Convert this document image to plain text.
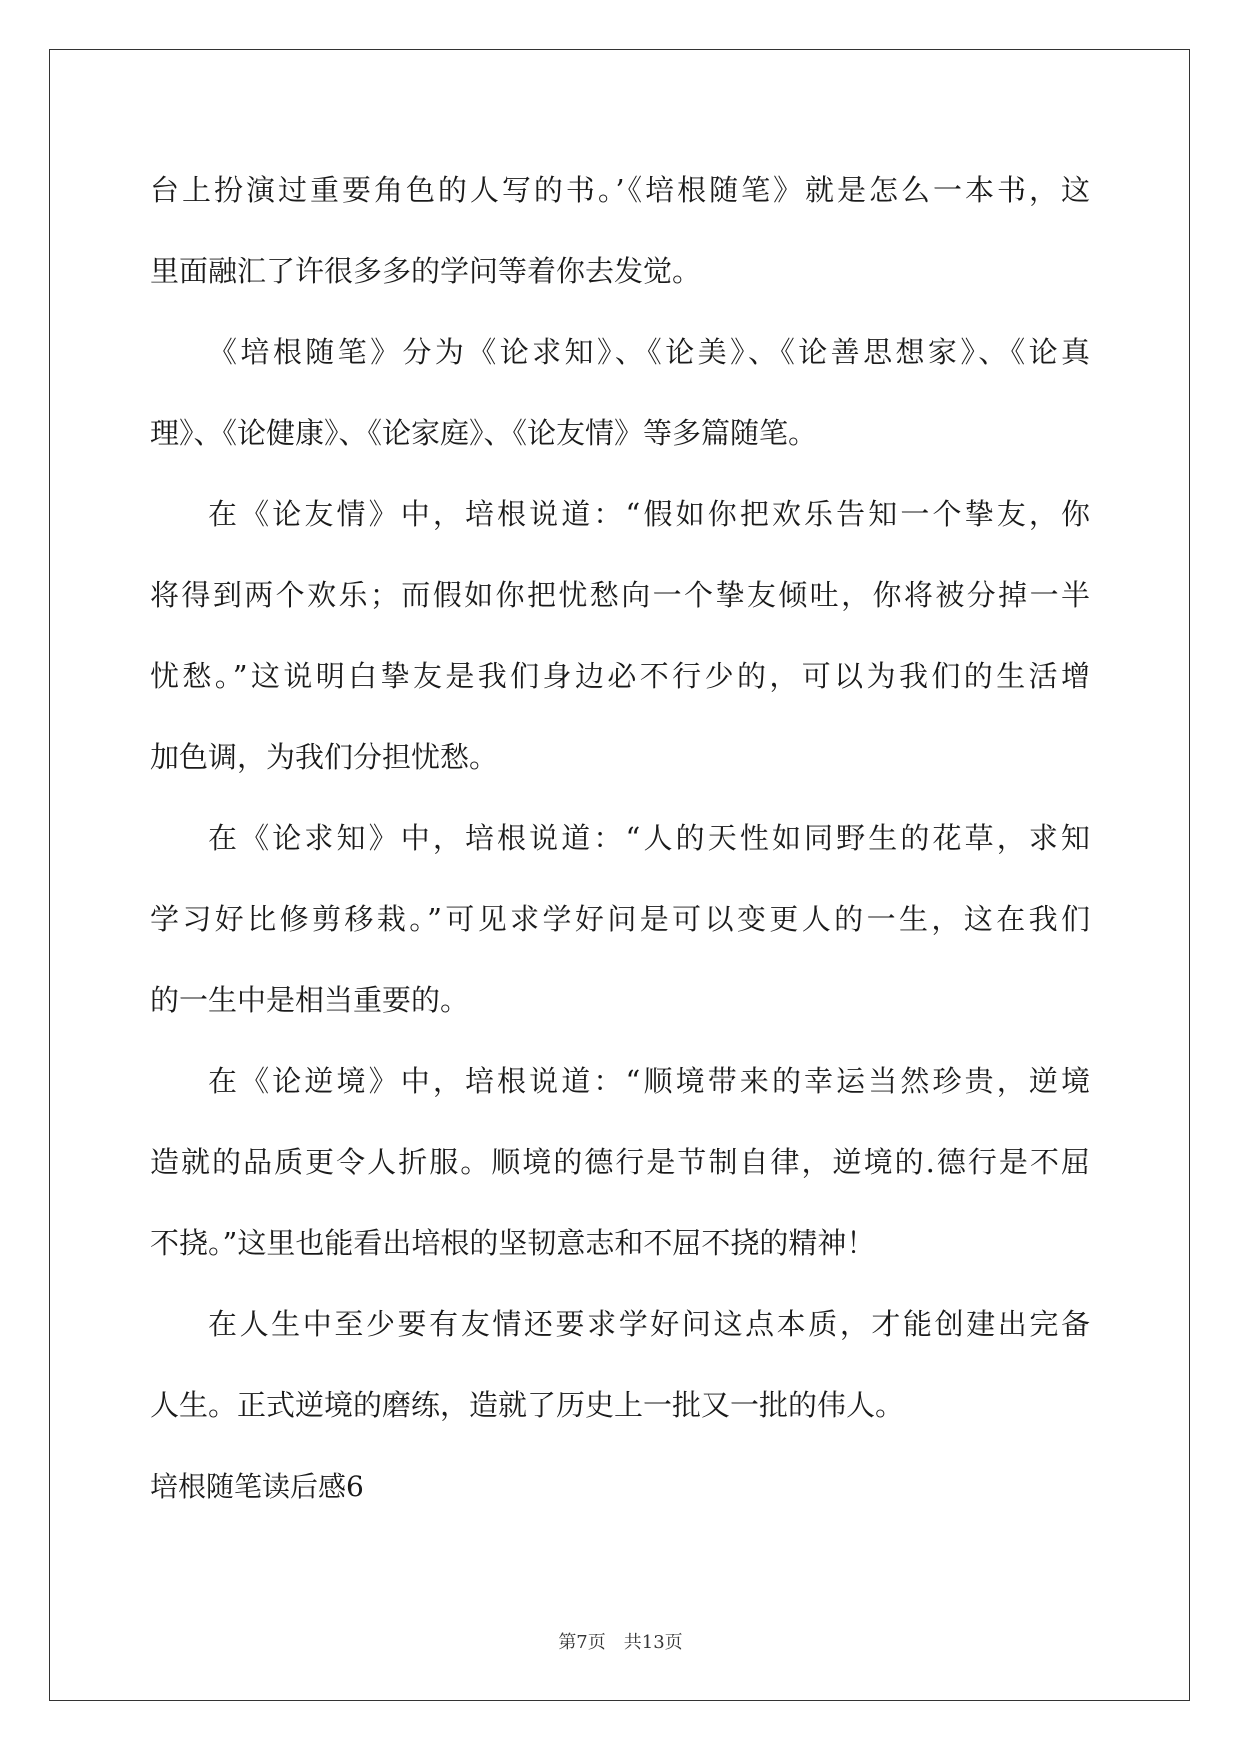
台上扮演过重要角色的人写的书。’《培根随笔》就是怎么一本书，这
里面融汇了许很多多的学问等着你去发觉。
《培根随笔》分为《论求知》、《论美》、《论善思想家》、《论真
理》、《论健康》、《论家庭》、《论友情》等多篇随笔。
在《论友情》中，培根说道：“假如你把欢乐告知一个挚友，你
将得到两个欢乐；而假如你把忧愁向一个挚友倾吐，你将被分掉一半
忧愁。”这说明白挚友是我们身边必不行少的，可以为我们的生活增
加色调，为我们分担忧愁。
在《论求知》中，培根说道：“人的天性如同野生的花草，求知
学习好比修剪移栽。”可见求学好问是可以变更人的一生，这在我们
的一生中是相当重要的。
在《论逆境》中，培根说道：“顺境带来的幸运当然珍贵，逆境
造就的品质更令人折服。顺境的德行是节制自律，逆境的.德行是不屈
不挠。”这里也能看出培根的坚韧意志和不屈不挠的精神！
在人生中至少要有友情还要求学好问这点本质，才能创建出完备
人生。正式逆境的磨练，造就了历史上一批又一批的伟人。
培根随笔读后感6
第7页 共13页
